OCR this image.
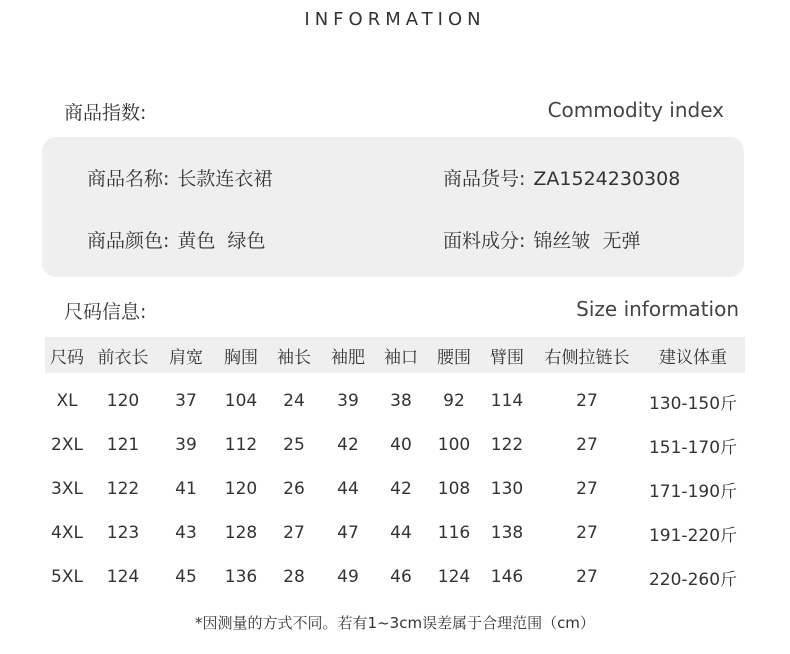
INFORMATION
商品指数:	Commodity index
商品名称: 长款连衣裙	商品货号: ZA1524230308
商品颜色: 黄色  绿色	面料成分: 锦丝皱  无弹
尺码信息:	Size information
尺码	前衣长	肩宽	胸围	袖长	袖肥	袖口	腰围	臂围	右侧拉链长	建议体重
XL	120	37	104	24	39	38	92	114	27	130-150斤
2XL	121	39	112	25	42	40	100	122	27	151-170斤
3XL	122	41	120	26	44	42	108	130	27	171-190斤
4XL	123	43	128	27	47	44	116	138	27	191-220斤
5XL	124	45	136	28	49	46	124	146	27	220-260斤
*因测量的方式不同。若有1~3cm误差属于合理范围（cm）
